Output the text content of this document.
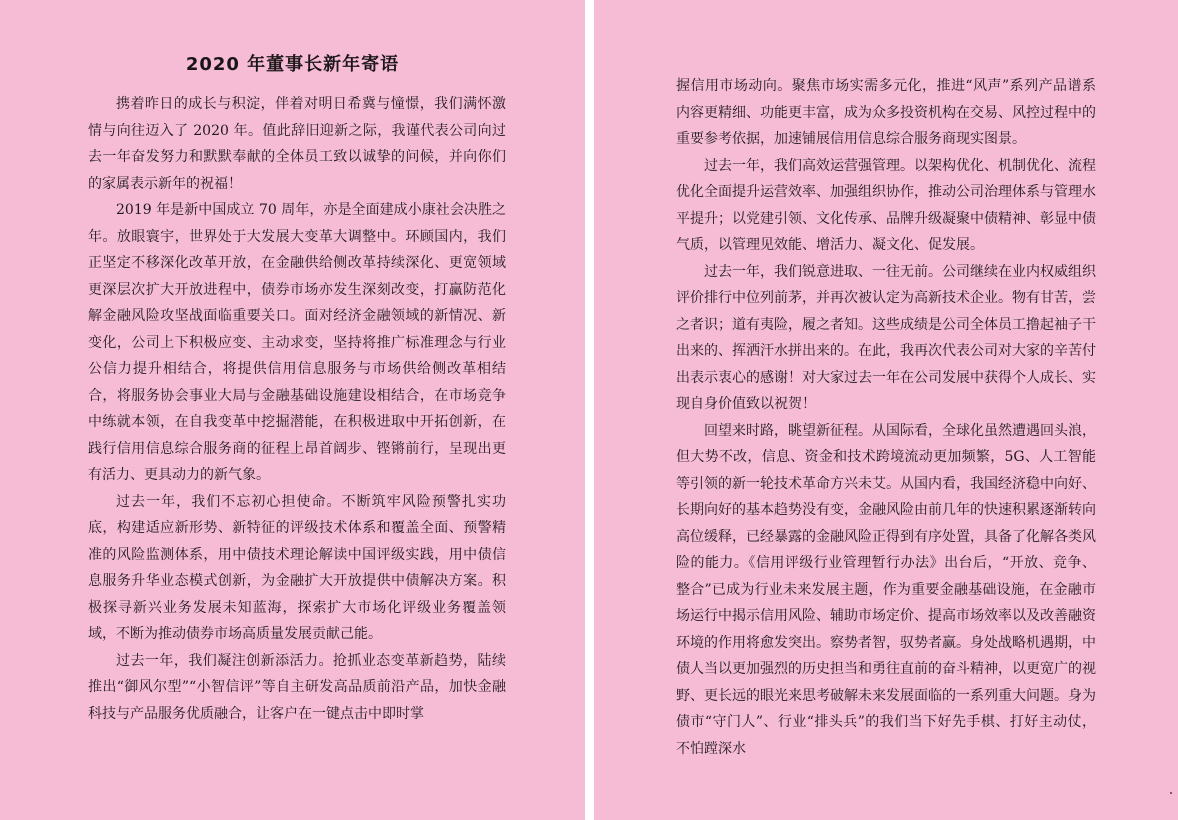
2020 年董事长新年寄语

携着昨日的成长与积淀，伴着对明日希冀与憧憬，我们满怀激情与向往迈入了 2020 年。值此辞旧迎新之际，我谨代表公司向过去一年奋发努力和默默奉献的全体员工致以诚挚的问候，并向你们的家属表示新年的祝福！

2019 年是新中国成立 70 周年，亦是全面建成小康社会决胜之年。放眼寰宇，世界处于大发展大变革大调整中。环顾国内，我们正坚定不移深化改革开放，在金融供给侧改革持续深化、更宽领域更深层次扩大开放进程中，债券市场亦发生深刻改变，打赢防范化解金融风险攻坚战面临重要关口。面对经济金融领域的新情况、新变化，公司上下积极应变、主动求变，坚持将推广标准理念与行业公信力提升相结合，将提供信用信息服务与市场供给侧改革相结合，将服务协会事业大局与金融基础设施建设相结合，在市场竞争中练就本领，在自我变革中挖掘潜能，在积极进取中开拓创新，在践行信用信息综合服务商的征程上昂首阔步、铿锵前行，呈现出更有活力、更具动力的新气象。

过去一年，我们不忘初心担使命。不断筑牢风险预警扎实功底，构建适应新形势、新特征的评级技术体系和覆盖全面、预警精准的风险监测体系，用中债技术理论解读中国评级实践，用中债信息服务升华业态模式创新，为金融扩大开放提供中债解决方案。积极探寻新兴业务发展未知蓝海，探索扩大市场化评级业务覆盖领域，不断为推动债券市场高质量发展贡献己能。

过去一年，我们凝注创新添活力。抢抓业态变革新趋势，陆续推出“御风尔型”“小智信评”等自主研发高品质前沿产品，加快金融科技与产品服务优质融合，让客户在一键点击中即时掌

握信用市场动向。聚焦市场实需多元化，推进“风声”系列产品谱系内容更精细、功能更丰富，成为众多投资机构在交易、风控过程中的重要参考依据，加速铺展信用信息综合服务商现实图景。

过去一年，我们高效运营强管理。以架构优化、机制优化、流程优化全面提升运营效率、加强组织协作，推动公司治理体系与管理水平提升；以党建引领、文化传承、品牌升级凝聚中债精神、彰显中债气质，以管理见效能、增活力、凝文化、促发展。

过去一年，我们锐意进取、一往无前。公司继续在业内权威组织评价排行中位列前茅，并再次被认定为高新技术企业。物有甘苦，尝之者识；道有夷险，履之者知。这些成绩是公司全体员工撸起袖子干出来的、挥洒汗水拼出来的。在此，我再次代表公司对大家的辛苦付出表示衷心的感谢！对大家过去一年在公司发展中获得个人成长、实现自身价值致以祝贺！

回望来时路，眺望新征程。从国际看，全球化虽然遭遇回头浪，但大势不改，信息、资金和技术跨境流动更加频繁，5G、人工智能等引领的新一轮技术革命方兴未艾。从国内看，我国经济稳中向好、长期向好的基本趋势没有变，金融风险由前几年的快速积累逐渐转向高位缓释，已经暴露的金融风险正得到有序处置，具备了化解各类风险的能力。《信用评级行业管理暂行办法》出台后，“开放、竞争、整合”已成为行业未来发展主题，作为重要金融基础设施，在金融市场运行中揭示信用风险、辅助市场定价、提高市场效率以及改善融资环境的作用将愈发突出。察势者智，驭势者赢。身处战略机遇期，中债人当以更加强烈的历史担当和勇往直前的奋斗精神，以更宽广的视野、更长远的眼光来思考破解未来发展面临的一系列重大问题。身为债市“守门人”、行业“排头兵”的我们当下好先手棋、打好主动仗，不怕蹚深水
